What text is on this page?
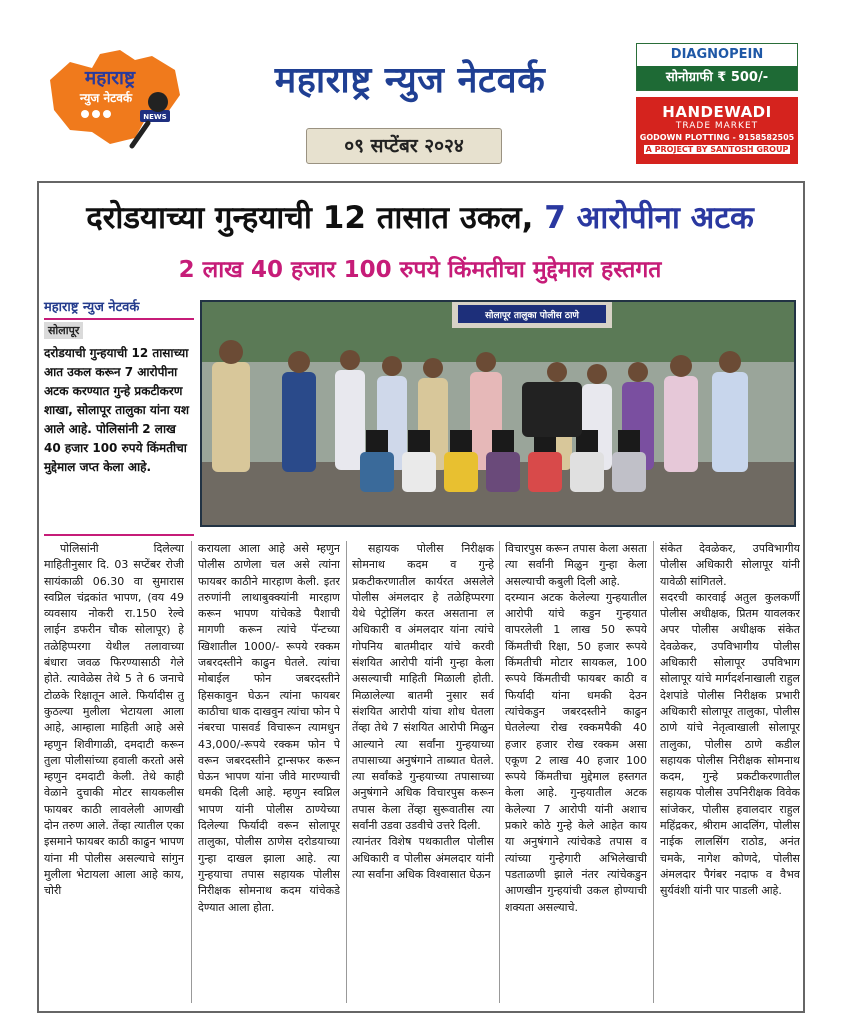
महाराष्ट्र
न्युज नेटवर्क
NEWS
महाराष्ट्र न्युज नेटवर्क
०९ सप्टेंबर २०२४
DIAGNOPEIN
सोनोग्राफी ₹ 500/-
HANDEWADI
TRADE MARKET
GODOWN PLOTTING - 9158582505
A PROJECT BY SANTOSH GROUP
दरोडयाच्या गुन्हयाची 12 तासात उकल, 7 आरोपीना अटक
2 लाख 40 हजार 100 रुपये किंमतीचा मुद्देमाल हस्तगत
महाराष्ट्र न्युज नेटवर्क
सोलापूर
दरोडयाची गुन्हयाची 12 तासाच्या आत उकल करून 7 आरोपीना अटक करण्यात गुन्हे प्रकटीकरण शाखा, सोलापूर तालुका यांना यश आले आहे. पोलिसांनी 2 लाख 40 हजार 100 रुपये किंमतीचा मुद्देमाल जप्त केला आहे.
सोलापूर तालुका पोलीस ठाणे

पोलिसांनी दिलेल्या माहितीनुसार दि. 03 सप्टेंबर रोजी सायंकाळी 06.30 वा सुमारास स्वप्निल चंद्रकांत भापण, (वय 49 व्यवसाय नोकरी रा.150 रेल्वे लाईन डफरीन चौक सोलापूर) हे तळेहिप्परगा येथील तलावाच्या बंधारा जवळ फिरण्यासाठी गेले होते. त्यावेळेस तेथे 5 ते 6 जनाचे टोळके रिक्षातून आले. फिर्यादीस तु कुठल्या मुलीला भेटायला आला आहे, आम्हाला माहिती आहे असे म्हणुन शिवीगाळी, दमदाटी करून तुला पोलीसांच्या हवाली करतो असे म्हणुन दमदाटी केली. तेथे काही वेळाने दुचाकी मोटर सायकलीस फायबर काठी लावलेली आणखी दोन तरुण आले. तेंव्हा त्यातील एका इसमाने फायबर काठी काढुन भापण यांना मी पोलीस असल्याचे सांगुन मुलीला भेटायला आला आहे काय, चोरी

करायला आला आहे असे म्हणुन पोलीस ठाणेला चल असे त्यांना फायबर काठीने मारहाण केली. इतर तरुणांनी लाथाबुक्क्यांनी मारहाण करून भापण यांचेकडे पैशाची मागणी करून त्यांचे पॅन्टच्या खिशातील 1000/- रूपये रक्कम जबरदस्तीने काढुन घेतले. त्यांचा मोबाईल फोन जबरदस्तीने हिसकावुन घेऊन त्यांना फायबर काठीचा धाक दाखवुन त्यांचा फोन पे नंबरचा पासवर्ड विचारून त्यामधुन 43,000/-रूपये रक्कम फोन पे वरून जबरदस्तीने ट्रान्सफर करून घेऊन भापण यांना जीवे मारण्याची धमकी दिली आहे. म्हणुन स्वप्निल भापण यांनी पोलीस ठाण्येच्या दिलेल्या फिर्यादी वरून सोलापूर तालुका, पोलीस ठाणेस दरोडयाच्या गुन्हा दाखल झाला आहे. त्या गुन्हयाचा तपास सहायक पोलीस निरीक्षक सोमनाथ कदम यांचेकडे देण्यात आला होता.

सहायक पोलीस निरीक्षक सोमनाथ कदम व गुन्हे प्रकटीकरणातील कार्यरत असलेले पोलीस अंमलदार हे तळेहिप्परगा येथे पेट्रोलिंग करत असताना ल अधिकारी व अंमलदार यांना त्यांचे गोपनिय बातमीदार यांचे करवी संशयित आरोपी यांनी गुन्हा केला असल्याची माहिती मिळाली होती. मिळालेल्या बातमी नुसार सर्व संशयित आरोपी यांचा शोध घेतला तेंव्हा तेथे 7 संशयित आरोपी मिळुन आल्याने त्या सर्वांना गुन्हयाच्या तपासाच्या अनुषंगाने ताब्यात घेतले. त्या सर्वांकडे गुन्हयाच्या तपासाच्या अनुषंगाने अधिक विचारपुस करून तपास केला तेंव्हा सुरूवातीस त्या सर्वांनी उडवा उडवीचे उत्तरे दिली.
त्यानंतर विशेष पथकातील पोलीस अधिकारी व पोलीस अंमलदार यांनी त्या सर्वांना अधिक विश्वासात घेऊन

विचारपुस करून तपास केला असता त्या सर्वांनी मिळुन गुन्हा केला असल्याची कबुली दिली आहे.
दरम्यान अटक केलेल्या गुन्हयातील आरोपी यांचे कडुन गुन्हयात वापरलेली 1 लाख 50 रूपये किंमतीची रिक्षा, 50 हजार रूपये किंमतीची मोटार सायकल, 100 रूपये किंमतीची फायबर काठी व फिर्यादी यांना धमकी देउन त्यांचेकडुन जबरदस्तीने काढुन घेतलेल्या रोख रक्कमपैकी 40 हजार हजार रोख रक्कम असा एकूण 2 लाख 40 हजार 100 रूपये किंमतीचा मुद्देमाल हस्तगत केला आहे. गुन्हयातील अटक केलेल्या 7 आरोपी यांनी अशाच प्रकारे कोठे गुन्हे केले आहेत काय या अनुषंगाने त्यांचेकडे तपास व त्यांच्या गुन्हेगारी अभिलेखाची पडताळणी झाले नंतर त्यांचेकडुन आणखीन गुन्हयांची उकल होण्याची शक्यता असल्याचे.

संकेत देवळेकर, उपविभागीय पोलीस अधिकारी सोलापूर यांनी यावेळी सांगितले.
सदरची कारवाई अतुल कुलकर्णी पोलीस अधीक्षक, प्रितम यावलकर अपर पोलीस अधीक्षक संकेत देवळेकर, उपविभागीय पोलीस अधिकारी सोलापूर उपविभाग सोलापूर यांचे मार्गदर्शनाखाली राहुल देशपांडे पोलीस निरीक्षक प्रभारी अधिकारी सोलापूर तालुका, पोलीस ठाणे यांचे नेतृत्वाखाली सोलापूर तालुका, पोलीस ठाणे कडील सहायक पोलीस निरीक्षक सोमनाथ कदम, गुन्हे प्रकटीकरणातील सहायक पोलीस उपनिरीक्षक विवेक सांजेकर, पोलीस हवालदार राहुल महिंद्रकर, श्रीराम आदलिंग, पोलीस नाईक लालसिंग राठोड, अनंत चमके, नागेश कोणदे, पोलीस अंमलदार पैगंबर नदाफ व वैभव सुर्यवंशी यांनी पार पाडली आहे.
